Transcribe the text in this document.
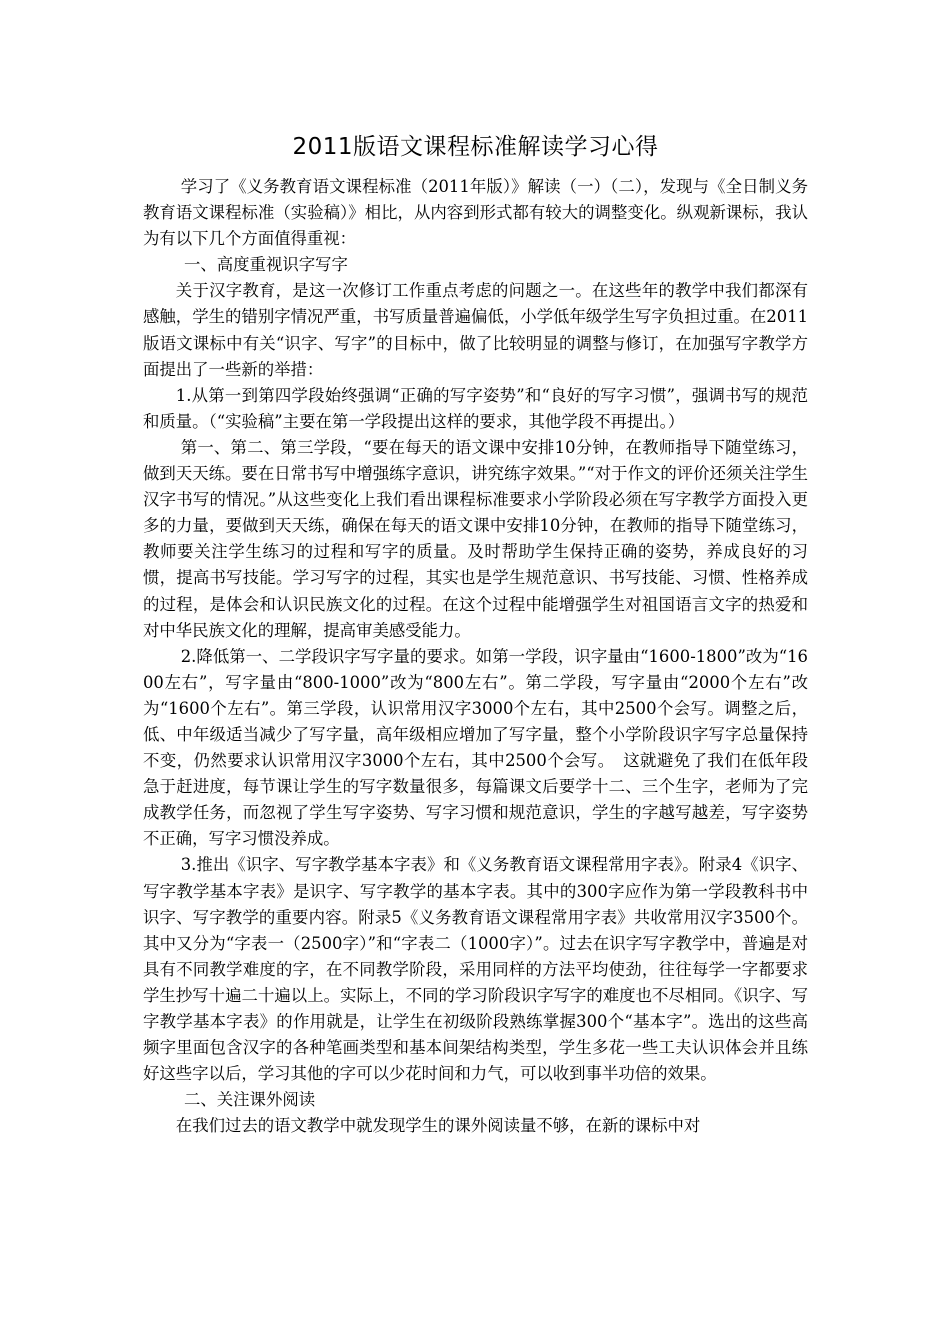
2011版语文课程标准解读学习心得

学习了《义务教育语文课程标准（2011年版）》解读（一）（二），发现与《全日制义务教育语文课程标准（实验稿）》相比，从内容到形式都有较大的调整变化。纵观新课标，我认为有以下几个方面值得重视：

一、高度重视识字写字

关于汉字教育，是这一次修订工作重点考虑的问题之一。在这些年的教学中我们都深有感触，学生的错别字情况严重，书写质量普遍偏低，小学低年级学生写字负担过重。在2011版语文课标中有关“识字、写字”的目标中，做了比较明显的调整与修订，在加强写字教学方面提出了一些新的举措：

1.从第一到第四学段始终强调“正确的写字姿势”和“良好的写字习惯”，强调书写的规范和质量。（“实验稿”主要在第一学段提出这样的要求，其他学段不再提出。）

第一、第二、第三学段，“要在每天的语文课中安排10分钟，在教师指导下随堂练习，做到天天练。要在日常书写中增强练字意识，讲究练字效果。”“对于作文的评价还须关注学生汉字书写的情况。”从这些变化上我们看出课程标准要求小学阶段必须在写字教学方面投入更多的力量，要做到天天练，确保在每天的语文课中安排10分钟，在教师的指导下随堂练习，教师要关注学生练习的过程和写字的质量。及时帮助学生保持正确的姿势，养成良好的习惯，提高书写技能。学习写字的过程，其实也是学生规范意识、书写技能、习惯、性格养成的过程，是体会和认识民族文化的过程。在这个过程中能增强学生对祖国语言文字的热爱和对中华民族文化的理解，提高审美感受能力。

2.降低第一、二学段识字写字量的要求。如第一学段，识字量由“1600-1800”改为“1600左右”，写字量由“800-1000”改为“800左右”。第二学段，写字量由“2000个左右”改为“1600个左右”。第三学段，认识常用汉字3000个左右，其中2500个会写。调整之后，低、中年级适当减少了写字量，高年级相应增加了写字量，整个小学阶段识字写字总量保持不变，仍然要求认识常用汉字3000个左右，其中2500个会写。　这就避免了我们在低年段急于赶进度，每节课让学生的写字数量很多，每篇课文后要学十二、三个生字，老师为了完成教学任务，而忽视了学生写字姿势、写字习惯和规范意识，学生的字越写越差，写字姿势不正确，写字习惯没养成。

3.推出《识字、写字教学基本字表》和《义务教育语文课程常用字表》。附录4《识字、写字教学基本字表》是识字、写字教学的基本字表。其中的300字应作为第一学段教科书中识字、写字教学的重要内容。附录5《义务教育语文课程常用字表》共收常用汉字3500个。其中又分为“字表一（2500字）”和“字表二（1000字）”。过去在识字写字教学中，普遍是对具有不同教学难度的字，在不同教学阶段，采用同样的方法平均使劲，往往每学一字都要求学生抄写十遍二十遍以上。实际上，不同的学习阶段识字写字的难度也不尽相同。《识字、写字教学基本字表》的作用就是，让学生在初级阶段熟练掌握300个“基本字”。选出的这些高频字里面包含汉字的各种笔画类型和基本间架结构类型，学生多花一些工夫认识体会并且练好这些字以后，学习其他的字可以少花时间和力气，可以收到事半功倍的效果。

二、关注课外阅读

在我们过去的语文教学中就发现学生的课外阅读量不够，在新的课标中对
